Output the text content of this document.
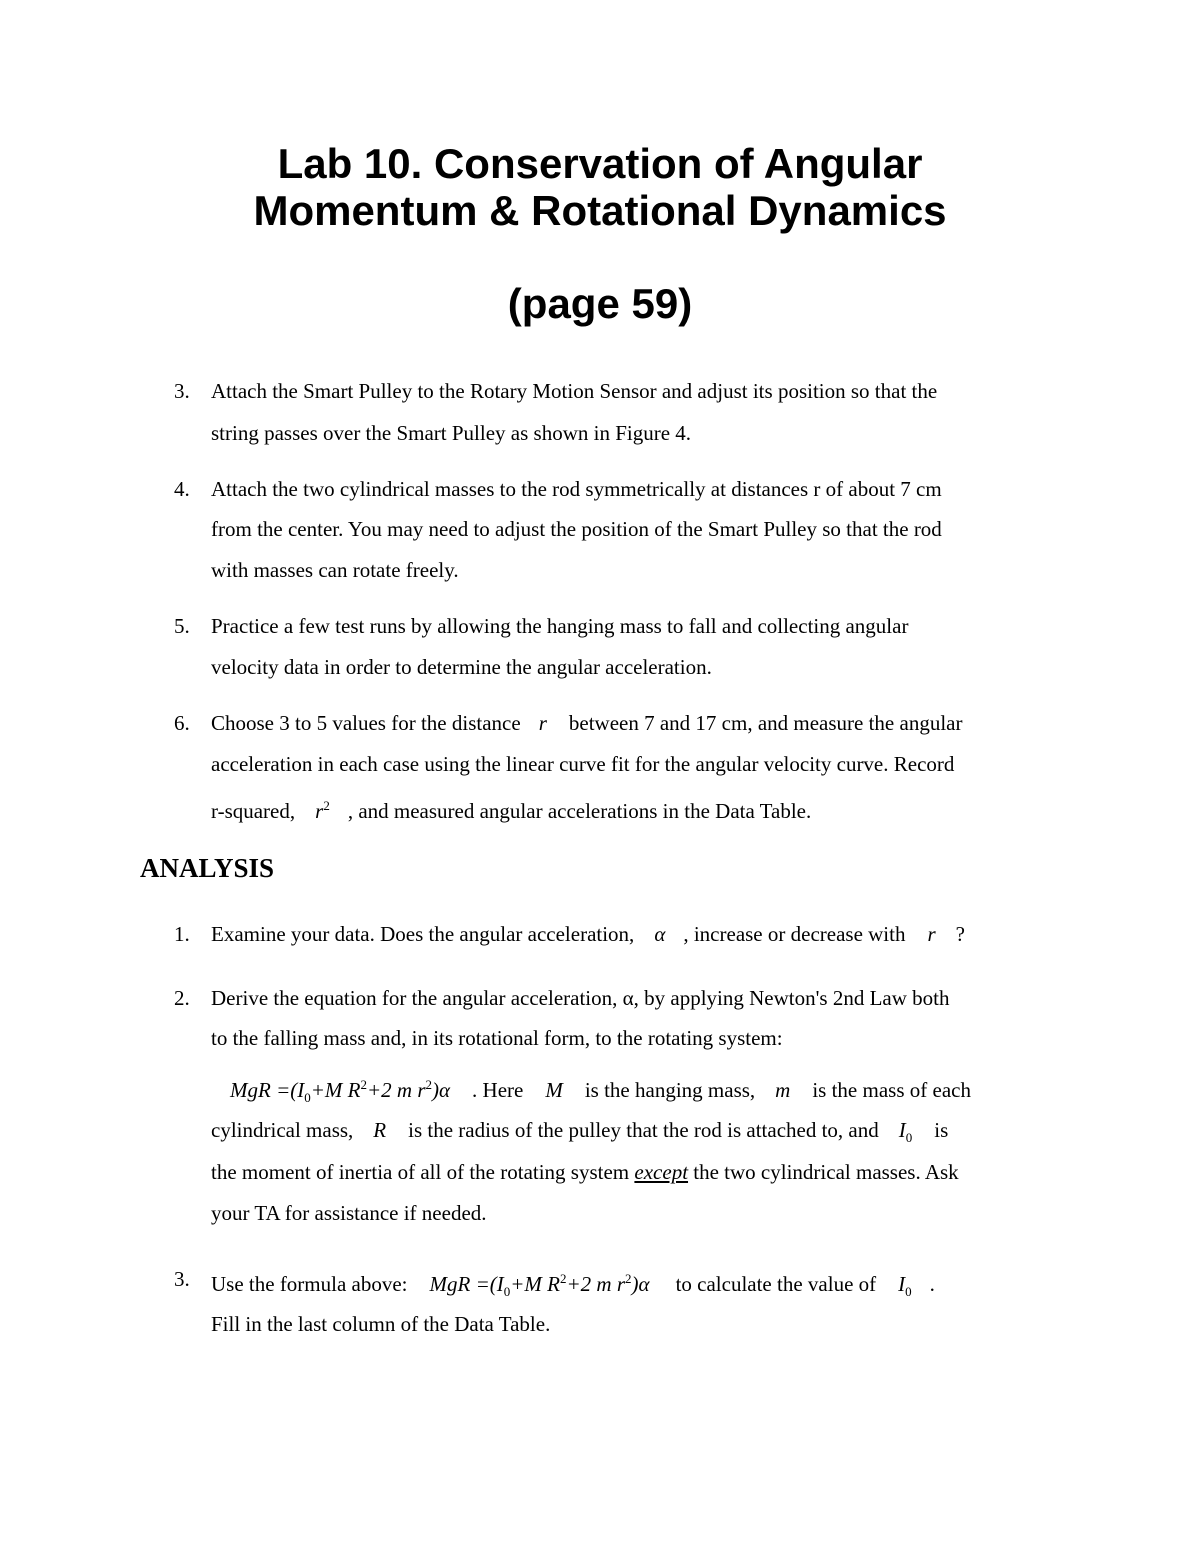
Lab 10. Conservation of Angular
Momentum & Rotational Dynamics
(page 59)
3. Attach the Smart Pulley to the Rotary Motion Sensor and adjust its position so that the
string passes over the Smart Pulley as shown in Figure 4.
4. Attach the two cylindrical masses to the rod symmetrically at distances r of about 7 cm
from the center. You may need to adjust the position of the Smart Pulley so that the rod
with masses can rotate freely.
5. Practice a few test runs by allowing the hanging mass to fall and collecting angular
velocity data in order to determine the angular acceleration.
6. Choose 3 to 5 values for the distance r between 7 and 17 cm, and measure the angular
acceleration in each case using the linear curve fit for the angular velocity curve. Record
r-squared, $r^2$ , and measured angular accelerations in the Data Table.
ANALYSIS
1. Examine your data. Does the angular acceleration, α , increase or decrease with r ?
2. Derive the equation for the angular acceleration, α, by applying Newton's 2nd Law both
to the falling mass and, in its rotational form, to the rotating system:
MgR $=(I_0+M$ $R^2+2$ m $r^2)\alpha$ . Here M is the hanging mass, m is the mass of each
cylindrical mass, R is the radius of the pulley that the rod is attached to, and $I_0$ is
the moment of inertia of all of the rotating system except the two cylindrical masses. Ask
your TA for assistance if needed.
3. Use the formula above: MgR $=(I_0+M$ $R^2+2$ m $r^2)\alpha$ to calculate the value of $I_0$ .
Fill in the last column of the Data Table.
